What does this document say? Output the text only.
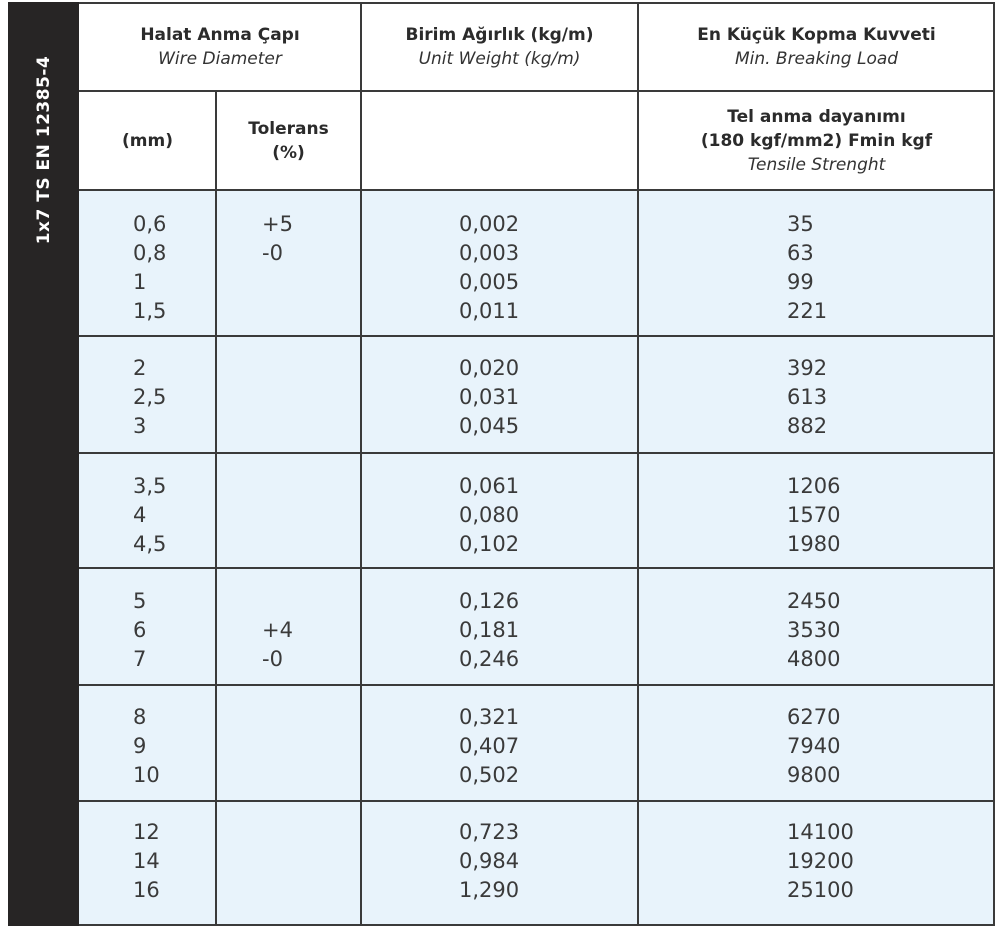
1x7 TS EN 12385-4
Halat Anma Çapı
Wire Diameter
Birim Ağırlık (kg/m)
Unit Weight (kg/m)
En Küçük Kopma Kuvveti
Min. Breaking Load
(mm)
Tolerans
(%)
Tel anma dayanımı
(180 kgf/mm2) Fmin kgf
Tensile Strenght
0,6
0,8
1
1,5
+5
-0
0,002
0,003
0,005
0,011
35
63
99
221
2
2,5
3
0,020
0,031
0,045
392
613
882
3,5
4
4,5
0,061
0,080
0,102
1206
1570
1980
5
6
7
+4
-0
0,126
0,181
0,246
2450
3530
4800
8
9
10
0,321
0,407
0,502
6270
7940
9800
12
14
16
0,723
0,984
1,290
14100
19200
25100
